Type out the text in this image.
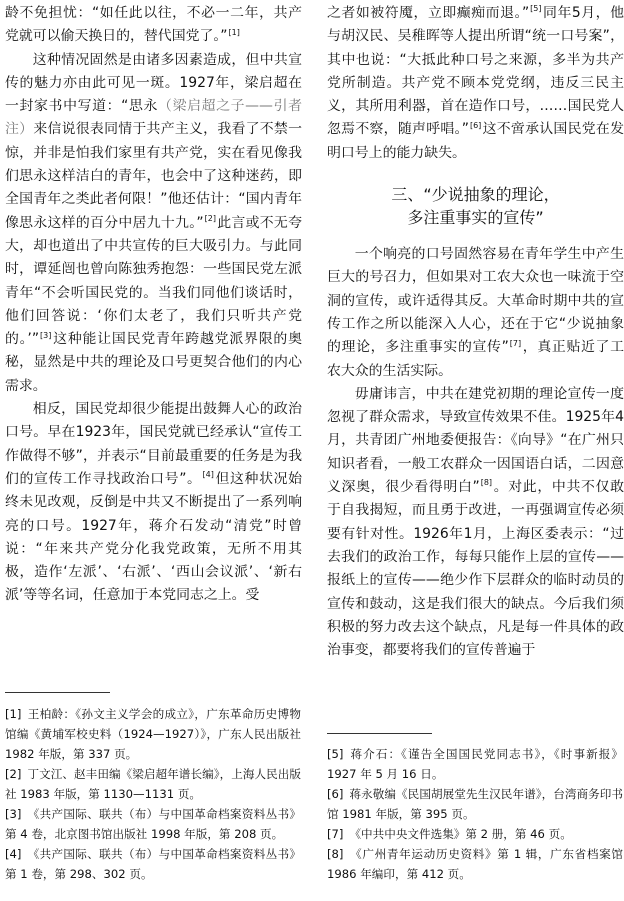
龄不免担忧：“如任此以往，不必一二年，共产党就可以偷天换日的，替代国党了。”[1]

这种情况固然是由诸多因素造成，但中共宣传的魅力亦由此可见一斑。1927年，梁启超在一封家书中写道：“思永（梁启超之子——引者注）来信说很表同情于共产主义，我看了不禁一惊，并非是怕我们家里有共产党，实在看见像我们思永这样洁白的青年，也会中了这种迷药，即全国青年之类此者何限！”他还估计：“国内青年像思永这样的百分中居九十九。”[2]此言或不无夸大，却也道出了中共宣传的巨大吸引力。与此同时，谭延闿也曾向陈独秀抱怨：一些国民党左派青年“不会听国民党的。当我们同他们谈话时，他们回答说：‘你们太老了，我们只听共产党的。’”[3]这种能让国民党青年跨越党派界限的奥秘，显然是中共的理论及口号更契合他们的内心需求。

相反，国民党却很少能提出鼓舞人心的政治口号。早在1923年，国民党就已经承认“宣传工作做得不够”，并表示“目前最重要的任务是为我们的宣传工作寻找政治口号”。[4]但这种状况始终未见改观，反倒是中共又不断提出了一系列响亮的口号。1927年，蒋介石发动“清党”时曾说：“年来共产党分化我党政策，无所不用其极，造作‘左派’、‘右派’、‘西山会议派’、‘新右派’等等名词，任意加于本党同志之上。受

[1] 王柏龄：《孙文主义学会的成立》，广东革命历史博物馆编《黄埔军校史料（1924—1927）》，广东人民出版社 1982 年版，第 337 页。

[2] 丁文江、赵丰田编《梁启超年谱长编》，上海人民出版社 1983 年版，第 1130—1131 页。

[3] 《共产国际、联共（布）与中国革命档案资料丛书》第 4 卷，北京图书馆出版社 1998 年版，第 208 页。

[4] 《共产国际、联共（布）与中国革命档案资料丛书》第 1 卷，第 298、302 页。

之者如被符魇，立即癫痴而退。”[5]同年5月，他与胡汉民、吴稚晖等人提出所谓“统一口号案”，其中也说：“大抵此种口号之来源，多半为共产党所制造。共产党不顾本党党纲，违反三民主义，其所用利器，首在造作口号，……国民党人忽焉不察，随声呼唱。”[6]这不啻承认国民党在发明口号上的能力缺失。

三、“少说抽象的理论，
多注重事实的宣传”

一个响亮的口号固然容易在青年学生中产生巨大的号召力，但如果对工农大众也一味流于空洞的宣传，或许适得其反。大革命时期中共的宣传工作之所以能深入人心，还在于它“少说抽象的理论，多注重事实的宣传”[7]，真正贴近了工农大众的生活实际。

毋庸讳言，中共在建党初期的理论宣传一度忽视了群众需求，导致宣传效果不佳。1925年4月，共青团广州地委便报告：《向导》“在广州只知识者看，一般工农群众一因国语白话，二因意义深奥，很少看得明白”[8]。对此，中共不仅敢于自我揭短，而且勇于改进，一再强调宣传必须要有针对性。1926年1月，上海区委表示：“过去我们的政治工作，每每只能作上层的宣传——报纸上的宣传——绝少作下层群众的临时动员的宣传和鼓动，这是我们很大的缺点。今后我们须积极的努力改去这个缺点，凡是每一件具体的政治事变，都要将我们的宣传普遍于

[5] 蒋介石：《谨告全国国民党同志书》，《时事新报》1927 年 5 月 16 日。

[6] 蒋永敬编《民国胡展堂先生汉民年谱》，台湾商务印书馆 1981 年版，第 395 页。

[7] 《中共中央文件选集》第 2 册，第 46 页。

[8] 《广州青年运动历史资料》第 1 辑，广东省档案馆 1986 年编印，第 412 页。
